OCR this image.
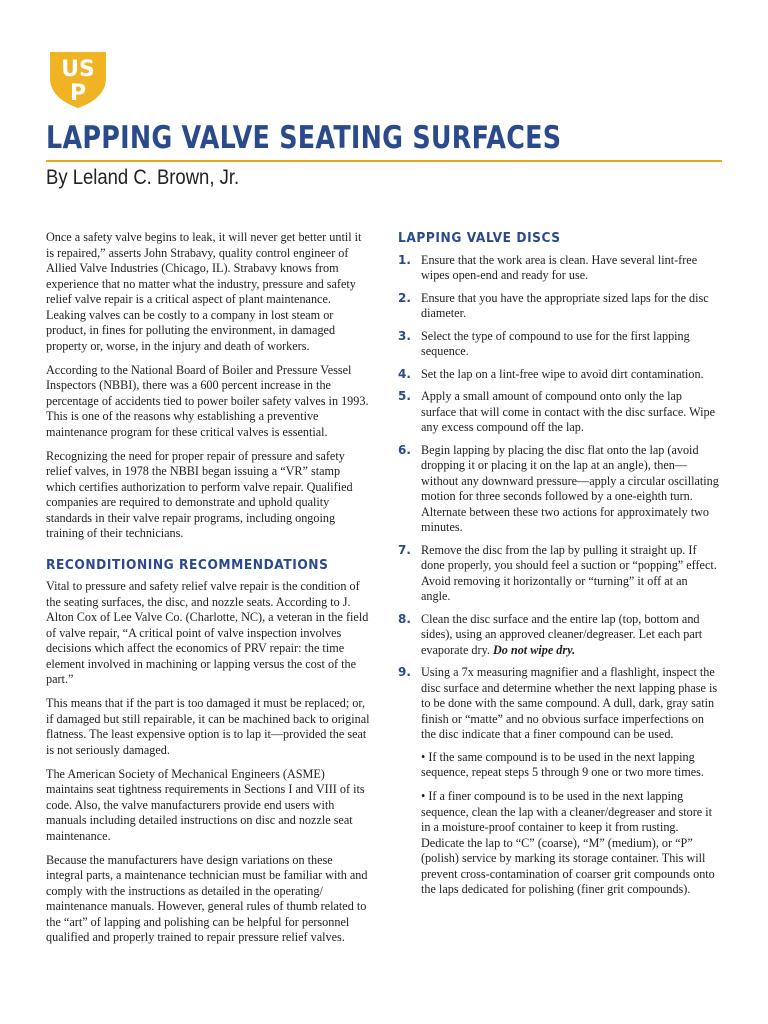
US
P
LAPPING VALVE SEATING SURFACES
By Leland C. Brown, Jr.

Once a safety valve begins to leak, it will never get better until it is repaired,” asserts John Strabavy, quality control engineer of Allied Valve Industries (Chicago, IL). Strabavy knows from experience that no matter what the industry, pressure and safety relief valve repair is a critical aspect of plant maintenance. Leaking valves can be costly to a company in lost steam or product, in fines for polluting the environment, in damaged property or, worse, in the injury and death of workers.

According to the National Board of Boiler and Pressure Vessel Inspectors (NBBI), there was a 600 percent increase in the percentage of accidents tied to power boiler safety valves in 1993. This is one of the reasons why establishing a preventive maintenance program for these critical valves is essential.

Recognizing the need for proper repair of pressure and safety relief valves, in 1978 the NBBI began issuing a “VR” stamp which certifies authorization to perform valve repair. Qualified companies are required to demonstrate and uphold quality standards in their valve repair programs, including ongoing training of their technicians.

RECONDITIONING RECOMMENDATIONS

Vital to pressure and safety relief valve repair is the condition of the seating surfaces, the disc, and nozzle seats. According to J. Alton Cox of Lee Valve Co. (Charlotte, NC), a veteran in the field of valve repair, “A critical point of valve inspection involves decisions which affect the economics of PRV repair: the time element involved in machining or lapping versus the cost of the part.”

This means that if the part is too damaged it must be replaced; or, if damaged but still repairable, it can be machined back to original flatness. The least expensive option is to lap it—provided the seat is not seriously damaged.

The American Society of Mechanical Engineers (ASME) maintains seat tightness requirements in Sections I and VIII of its code. Also, the valve manufacturers provide end users with manuals including detailed instructions on disc and nozzle seat maintenance.

Because the manufacturers have design variations on these integral parts, a maintenance technician must be familiar with and comply with the instructions as detailed in the operating/ maintenance manuals. However, general rules of thumb related to the “art” of lapping and polishing can be helpful for personnel qualified and properly trained to repair pressure relief valves.

LAPPING VALVE DISCS
1. Ensure that the work area is clean. Have several lint-free wipes open-end and ready for use.
2. Ensure that you have the appropriate sized laps for the disc diameter.
3. Select the type of compound to use for the first lapping sequence.
4. Set the lap on a lint-free wipe to avoid dirt contamination.
5. Apply a small amount of compound onto only the lap surface that will come in contact with the disc surface. Wipe any excess compound off the lap.
6. Begin lapping by placing the disc flat onto the lap (avoid dropping it or placing it on the lap at an angle), then—without any downward pressure—apply a circular oscillating motion for three seconds followed by a one-eighth turn. Alternate between these two actions for approximately two minutes.
7. Remove the disc from the lap by pulling it straight up. If done properly, you should feel a suction or “popping” effect. Avoid removing it horizontally or “turning” it off at an angle.
8. Clean the disc surface and the entire lap (top, bottom and sides), using an approved cleaner/degreaser. Let each part evaporate dry. Do not wipe dry.
9. Using a 7x measuring magnifier and a flashlight, inspect the disc surface and determine whether the next lapping phase is to be done with the same compound. A dull, dark, gray satin finish or “matte” and no obvious surface imperfections on the disc indicate that a finer compound can be used.

• If the same compound is to be used in the next lapping sequence, repeat steps 5 through 9 one or two more times.

• If a finer compound is to be used in the next lapping sequence, clean the lap with a cleaner/degreaser and store it in a moisture-proof container to keep it from rusting. Dedicate the lap to “C” (coarse), “M” (medium), or “P” (polish) service by marking its storage container. This will prevent cross-contamination of coarser grit compounds onto the laps dedicated for polishing (finer grit compounds).
